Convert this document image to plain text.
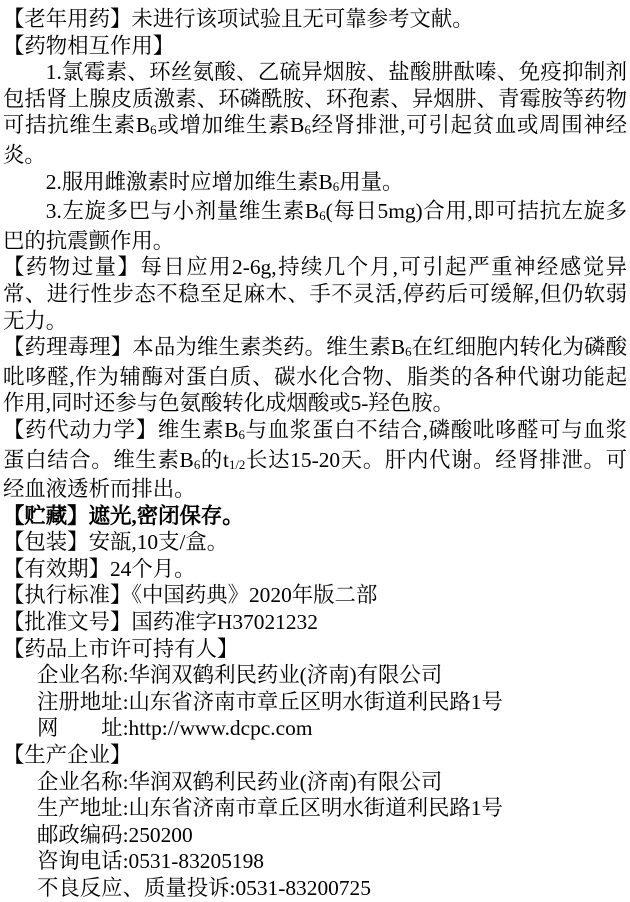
【老年用药】未进行该项试验且无可靠参考文献。

【药物相互作用】

1.氯霉素、环丝氨酸、乙硫异烟胺、盐酸肼酞嗪、免疫抑制剂包括肾上腺皮质激素、环磷酰胺、环孢素、异烟肼、青霉胺等药物可拮抗维生素B6或增加维生素B6经肾排泄,可引起贫血或周围神经炎。

2.服用雌激素时应增加维生素B6用量。

3.左旋多巴与小剂量维生素B6(每日5mg)合用,即可拮抗左旋多巴的抗震颤作用。

【药物过量】每日应用2-6g,持续几个月,可引起严重神经感觉异常、进行性步态不稳至足麻木、手不灵活,停药后可缓解,但仍软弱无力。

【药理毒理】本品为维生素类药。维生素B6在红细胞内转化为磷酸吡哆醛,作为辅酶对蛋白质、碳水化合物、脂类的各种代谢功能起作用,同时还参与色氨酸转化成烟酸或5-羟色胺。

【药代动力学】维生素B6与血浆蛋白不结合,磷酸吡哆醛可与血浆蛋白结合。维生素B6的t1/2长达15-20天。肝内代谢。经肾排泄。可经血液透析而排出。

【贮藏】遮光,密闭保存。

【包装】安瓿,10支/盒。

【有效期】24个月。

【执行标准】《中国药典》2020年版二部

【批准文号】国药准字H37021232

【药品上市许可持有人】

企业名称:华润双鹤利民药业(济南)有限公司

注册地址:山东省济南市章丘区明水街道利民路1号

网　　址:http://www.dcpc.com

【生产企业】

企业名称:华润双鹤利民药业(济南)有限公司

生产地址:山东省济南市章丘区明水街道利民路1号

邮政编码:250200

咨询电话:0531-83205198

不良反应、质量投诉:0531-83200725
